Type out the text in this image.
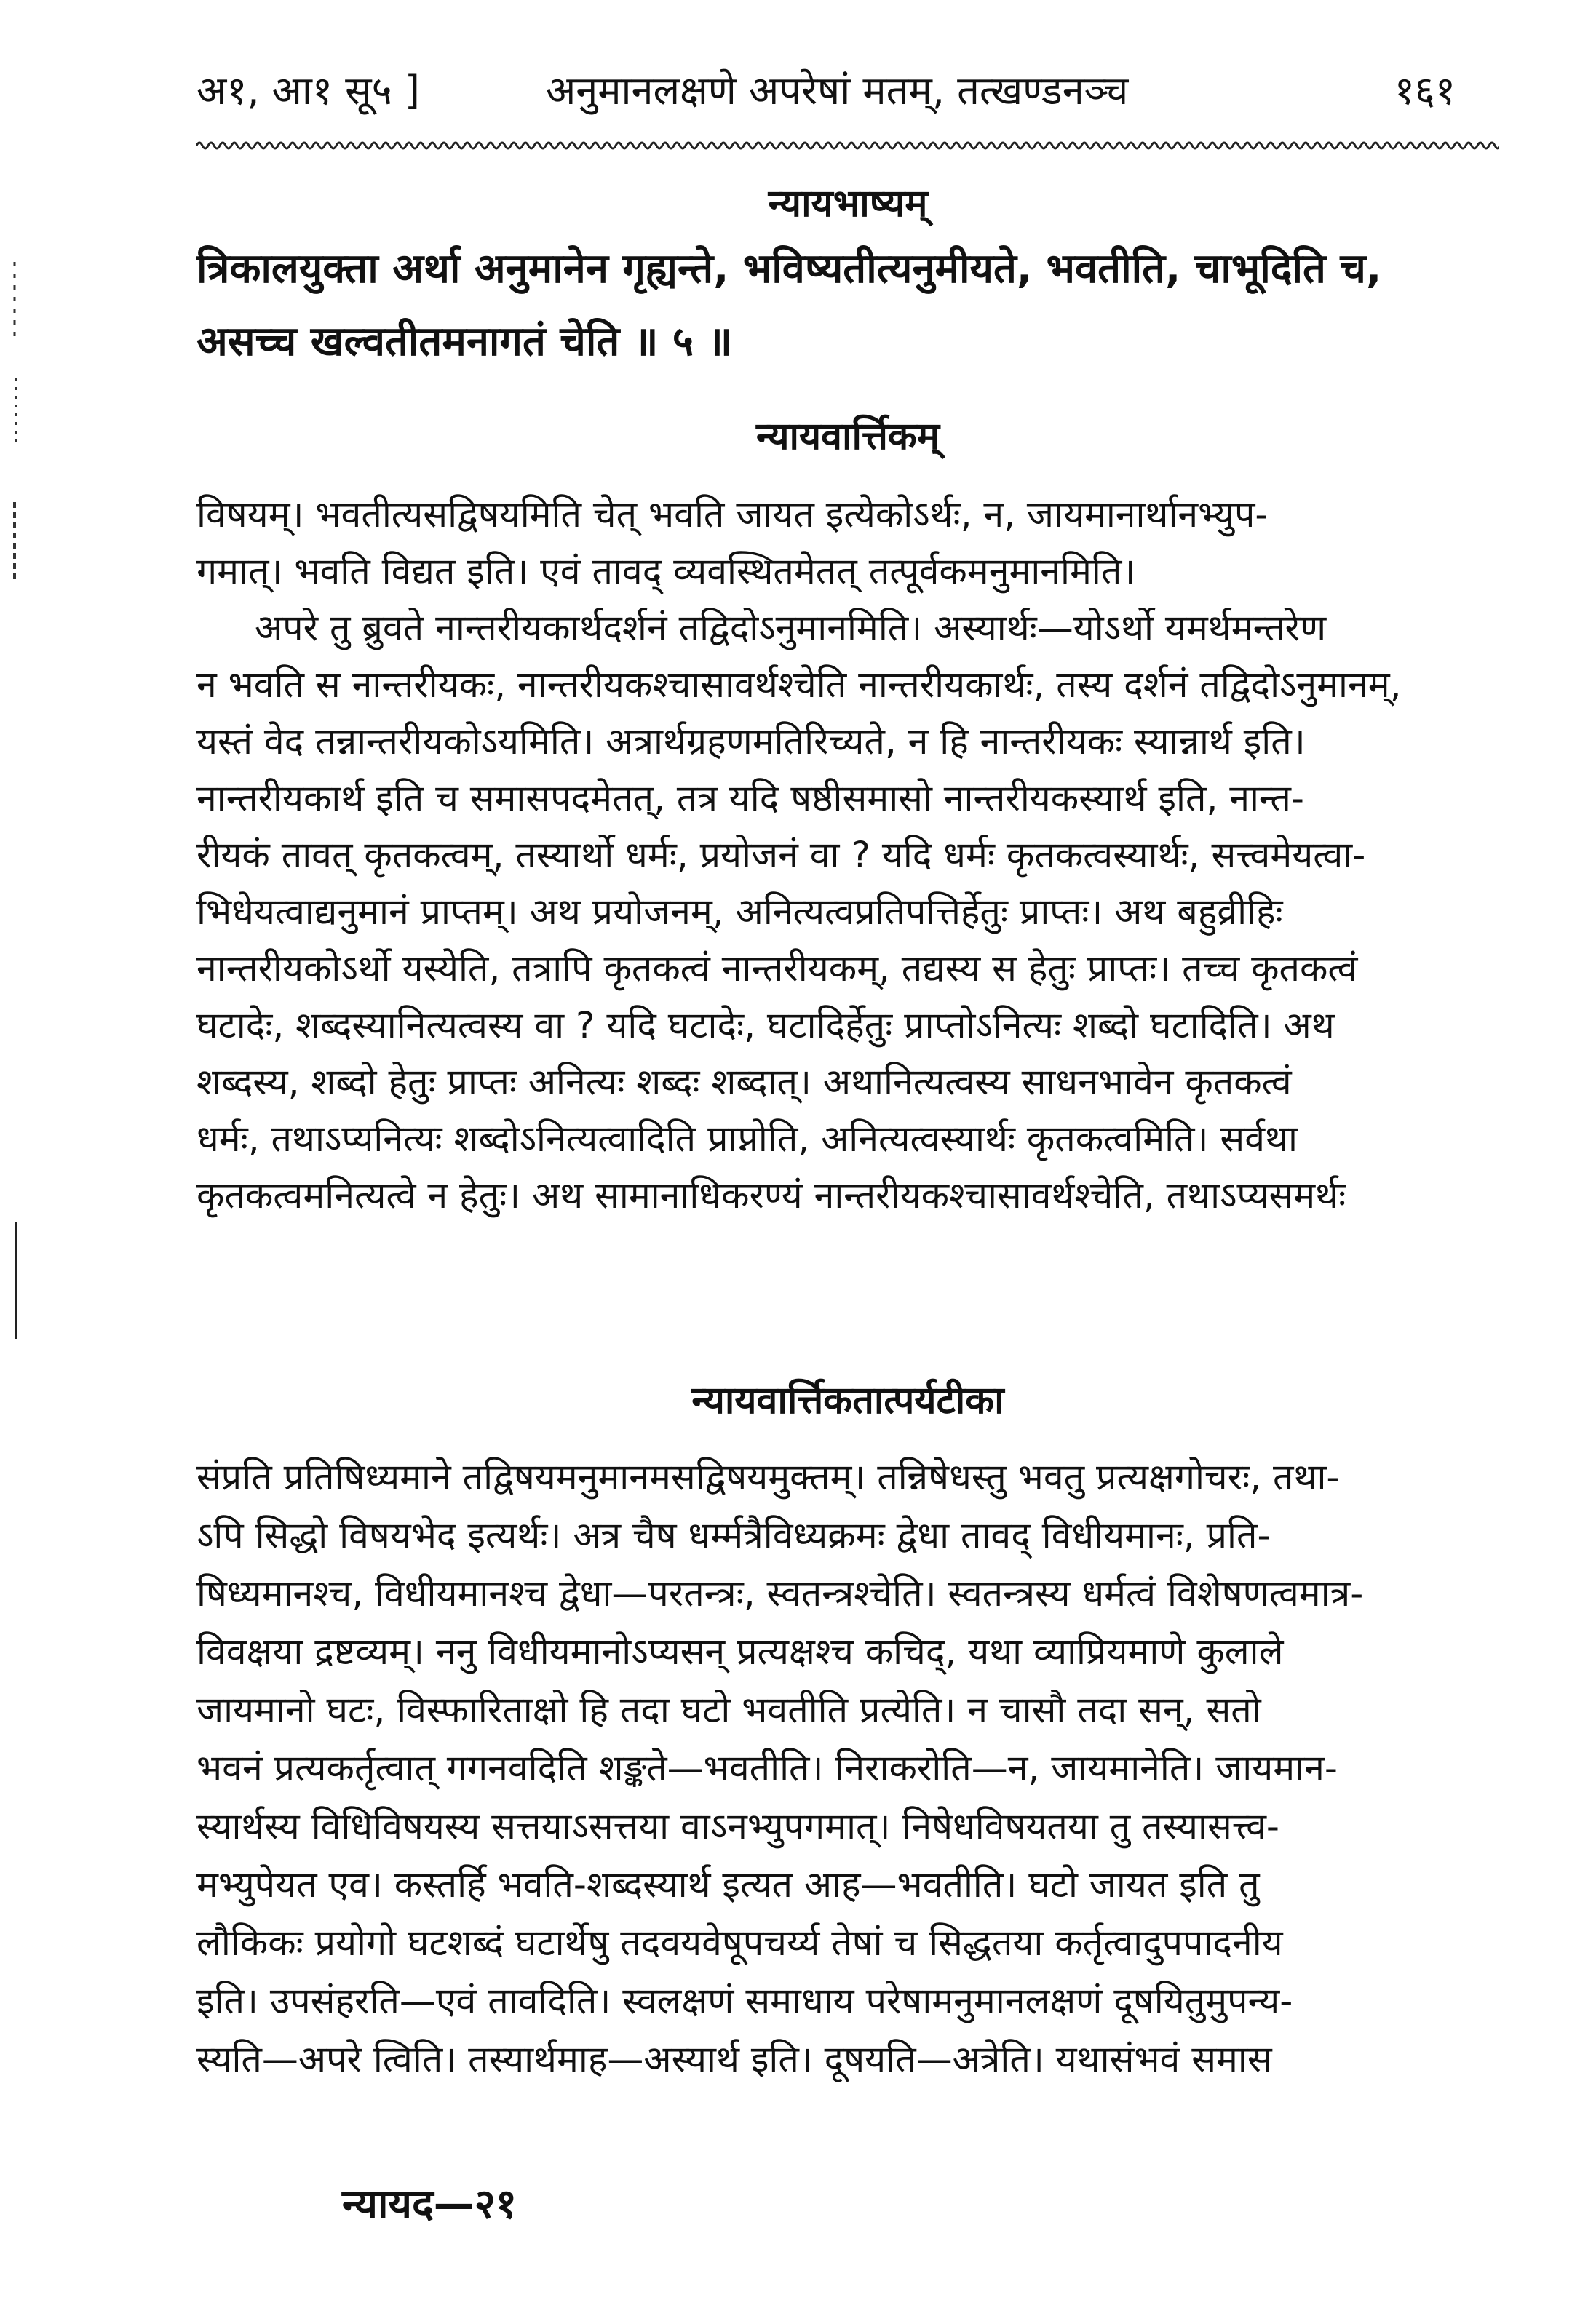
अ१, आ१ सू५ ]	अनुमानलक्षणे अपरेषां मतम्, तत्खण्डनञ्च	१६१
न्यायभाष्यम्
त्रिकालयुक्ता अर्था अनुमानेन गृह्यन्ते, भविष्यतीत्यनुमीयते, भवतीति, चाभूदिति च,
असच्च खल्वतीतमनागतं चेति ॥ ५ ॥
न्यायवार्त्तिकम्
विषयम्। भवतीत्यसद्विषयमिति चेत् भवति जायत इत्येकोऽर्थः, न, जायमानार्थानभ्युप-
गमात्। भवति विद्यत इति। एवं तावद् व्यवस्थितमेतत् तत्पूर्वकमनुमानमिति।
अपरे तु ब्रुवते नान्तरीयकार्थदर्शनं तद्विदोऽनुमानमिति। अस्यार्थः—योऽर्थो यमर्थमन्तरेण
न भवति स नान्तरीयकः, नान्तरीयकश्चासावर्थश्चेति नान्तरीयकार्थः, तस्य दर्शनं तद्विदोऽनुमानम्,
यस्तं वेद तन्नान्तरीयकोऽयमिति। अत्रार्थग्रहणमतिरिच्यते, न हि नान्तरीयकः स्यान्नार्थ इति।
नान्तरीयकार्थ इति च समासपदमेतत्, तत्र यदि षष्ठीसमासो नान्तरीयकस्यार्थ इति, नान्त-
रीयकं तावत् कृतकत्वम्, तस्यार्थो धर्मः, प्रयोजनं वा ? यदि धर्मः कृतकत्वस्यार्थः, सत्त्वमेयत्वा-
भिधेयत्वाद्यनुमानं प्राप्तम्। अथ प्रयोजनम्, अनित्यत्वप्रतिपत्तिर्हेतुः प्राप्तः। अथ बहुव्रीहिः
नान्तरीयकोऽर्थो यस्येति, तत्रापि कृतकत्वं नान्तरीयकम्, तद्यस्य स हेतुः प्राप्तः। तच्च कृतकत्वं
घटादेः, शब्दस्यानित्यत्वस्य वा ? यदि घटादेः, घटादिर्हेतुः प्राप्तोऽनित्यः शब्दो घटादिति। अथ
शब्दस्य, शब्दो हेतुः प्राप्तः अनित्यः शब्दः शब्दात्। अथानित्यत्वस्य साधनभावेन कृतकत्वं
धर्मः, तथाऽप्यनित्यः शब्दोऽनित्यत्वादिति प्राप्नोति, अनित्यत्वस्यार्थः कृतकत्वमिति। सर्वथा
कृतकत्वमनित्यत्वे न हेतुः। अथ सामानाधिकरण्यं नान्तरीयकश्चासावर्थश्चेति, तथाऽप्यसमर्थः
न्यायवार्त्तिकतात्पर्यटीका
संप्रति प्रतिषिध्यमाने तद्विषयमनुमानमसद्विषयमुक्तम्। तन्निषेधस्तु भवतु प्रत्यक्षगोचरः, तथा-
ऽपि सिद्धो विषयभेद इत्यर्थः। अत्र चैष धर्म्मत्रैविध्यक्रमः द्वेधा तावद् विधीयमानः, प्रति-
षिध्यमानश्च, विधीयमानश्च द्वेधा—परतन्त्रः, स्वतन्त्रश्चेति। स्वतन्त्रस्य धर्मत्वं विशेषणत्वमात्र-
विवक्षया द्रष्टव्यम्। ननु विधीयमानोऽप्यसन् प्रत्यक्षश्च कचिद्, यथा व्याप्रियमाणे कुलाले
जायमानो घटः, विस्फारिताक्षो हि तदा घटो भवतीति प्रत्येति। न चासौ तदा सन्, सतो
भवनं प्रत्यकर्तृत्वात् गगनवदिति शङ्कते—भवतीति। निराकरोति—न, जायमानेति। जायमान-
स्यार्थस्य विधिविषयस्य सत्तयाऽसत्तया वाऽनभ्युपगमात्। निषेधविषयतया तु तस्यासत्त्व-
मभ्युपेयत एव। कस्तर्हि भवति-शब्दस्यार्थ इत्यत आह—भवतीति। घटो जायत इति तु
लौकिकः प्रयोगो घटशब्दं घटार्थेषु तदवयवेषूपचर्य्य तेषां च सिद्धतया कर्तृत्वादुपपादनीय
इति। उपसंहरति—एवं तावदिति। स्वलक्षणं समाधाय परेषामनुमानलक्षणं दूषयितुमुपन्य-
स्यति—अपरे त्विति। तस्यार्थमाह—अस्यार्थ इति। दूषयति—अत्रेति। यथासंभवं समास
न्यायद—२१
